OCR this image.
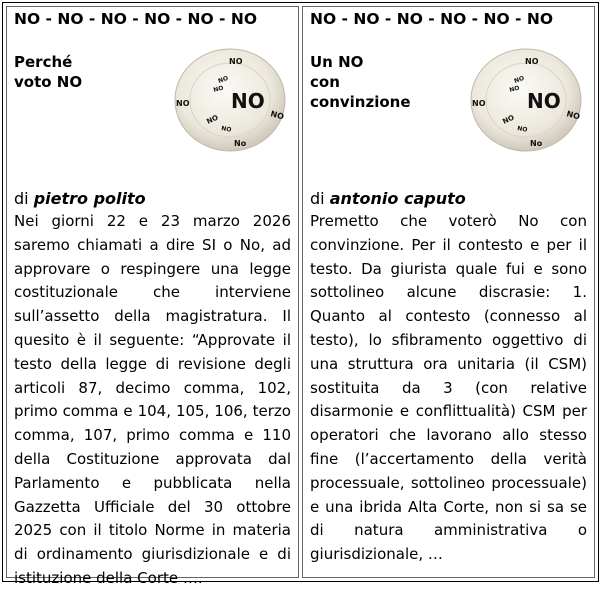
NO - NO - NO - NO - NO - NO
Perché
voto NO
NO
NO
NO NO
NO
NO
NO
NO
No
di pietro polito

Nei giorni 22 e 23 marzo 2026 saremo chiamati a dire SI o No, ad approvare o respingere una legge costituzionale che interviene sull’assetto della magistratura. Il quesito è il seguente: “Approvate il testo della legge di revisione degli articoli 87, decimo comma, 102, primo comma e 104, 105, 106, terzo comma, 107, primo comma e 110 della Costituzione approvata dal Parlamento e pubblicata nella Gazzetta Ufficiale del 30 ottobre 2025 con il titolo Norme in materia di ordinamento giurisdizionale e di istituzione della Corte ….

NO - NO - NO - NO - NO - NO
Un NO
con
convinzione
NO
NO
NO NO
NO
NO
NO
NO
No
di antonio caputo

Premetto che voterò No con convinzione. Per il contesto e per il testo. Da giurista quale fui e sono sottolineo alcune discrasie: 1. Quanto al contesto (connesso al testo), lo sfibramento oggettivo di una struttura ora unitaria (il CSM) sostituita da 3 (con relative disarmonie e conflittualità) CSM per operatori che lavorano allo stesso fine (l’accertamento della verità processuale, sottolineo processuale) e una ibrida Alta Corte, non si sa se di natura amministrativa o giurisdizionale, …
